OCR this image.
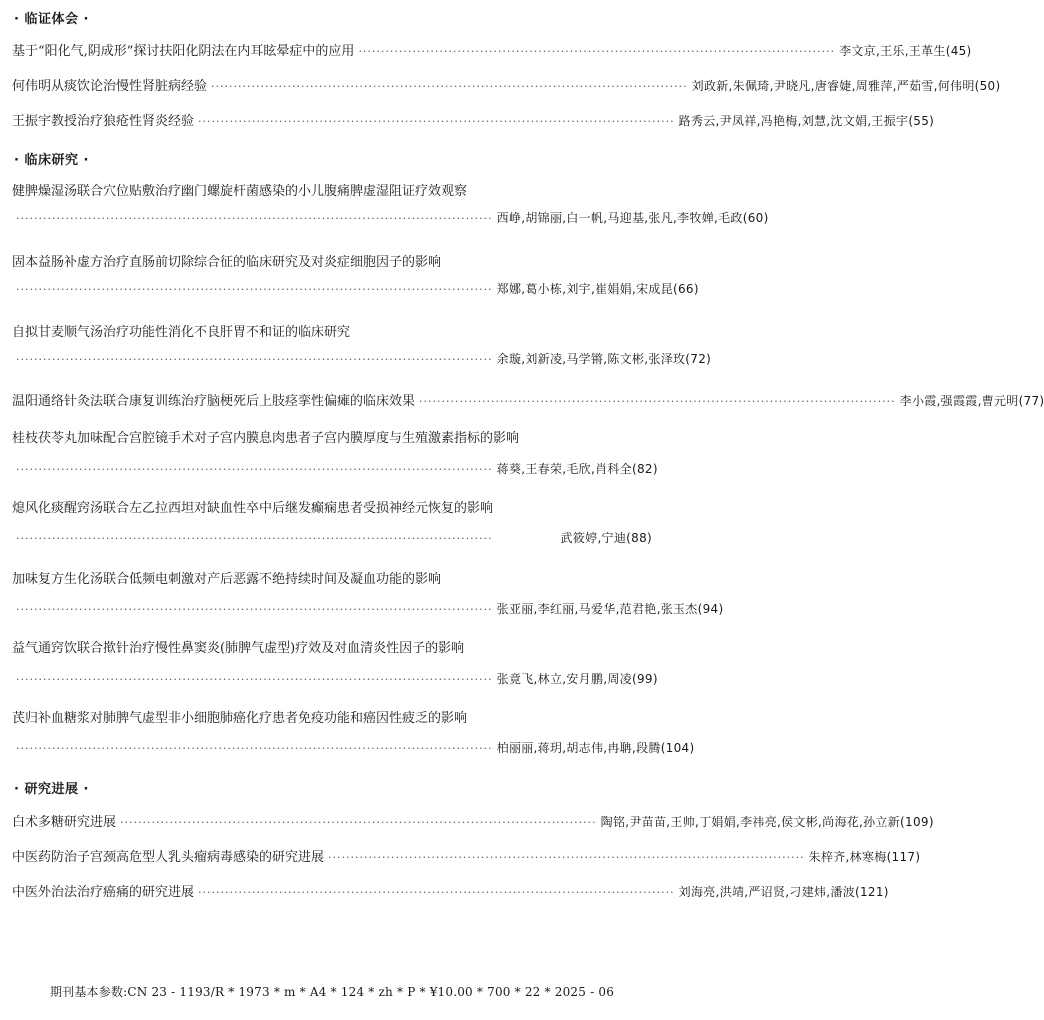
· 临证体会 ·
基于“阳化气,阴成形”探讨扶阳化阴法在内耳眩晕症中的应用 ·········································································································· 李文京,王乐,王革生(45)
何伟明从痰饮论治慢性肾脏病经验 ·········································································································· 刘政新,朱佩琦,尹晓凡,唐睿婕,周雅萍,严茹雪,何伟明(50)
王振宇教授治疗狼疮性肾炎经验 ·········································································································· 路秀云,尹凤祥,冯艳梅,刘慧,沈文娟,王振宇(55)
· 临床研究 ·
健脾燥湿汤联合穴位贴敷治疗幽门螺旋杆菌感染的小儿腹痛脾虚湿阻证疗效观察
·········································································································· 西峥,胡锦丽,白一帆,马迎基,张凡,李牧婵,毛政(60)
固本益肠补虚方治疗直肠前切除综合征的临床研究及对炎症细胞因子的影响
·········································································································· 郑娜,葛小栋,刘宇,崔娟娟,宋成昆(66)
自拟甘麦顺气汤治疗功能性消化不良肝胃不和证的临床研究
·········································································································· 余璇,刘新凌,马学锵,陈文彬,张泽玫(72)
温阳通络针灸法联合康复训练治疗脑梗死后上肢痉挛性偏瘫的临床效果 ·········································································································· 李小霞,强霞霞,曹元明(77)
桂枝茯苓丸加味配合宫腔镜手术对子宫内膜息肉患者子宫内膜厚度与生殖激素指标的影响
·········································································································· 蒋葵,王春荣,毛欣,肖科全(82)
熄风化痰醒窍汤联合左乙拉西坦对缺血性卒中后继发癫痫患者受损神经元恢复的影响
··········································································································	武筱婷,宁迪(88)
加味复方生化汤联合低频电刺激对产后恶露不绝持续时间及凝血功能的影响
·········································································································· 张亚丽,李红丽,马爱华,范君艳,张玉杰(94)
益气通窍饮联合揿针治疗慢性鼻窦炎(肺脾气虚型)疗效及对血清炎性因子的影响
·········································································································· 张竟飞,林立,安月鹏,周凌(99)
芪归补血糖浆对肺脾气虚型非小细胞肺癌化疗患者免疫功能和癌因性疲乏的影响
·········································································································· 柏丽丽,蒋玥,胡志伟,冉聃,段腾(104)
· 研究进展 ·
白术多糖研究进展 ·········································································································· 陶铭,尹苗苗,王帅,丁娟娟,李祎亮,侯文彬,尚海花,孙立新(109)
中医药防治子宫颈高危型人乳头瘤病毒感染的研究进展 ·········································································································· 朱梓齐,林寒梅(117)
中医外治法治疗癌痛的研究进展 ·········································································································· 刘海亮,洪靖,严诏贤,刁建炜,潘波(121)
期刊基本参数:CN 23 - 1193/R * 1973 * m * A4 * 124 * zh * P * ¥10.00 * 700 * 22 * 2025 - 06
